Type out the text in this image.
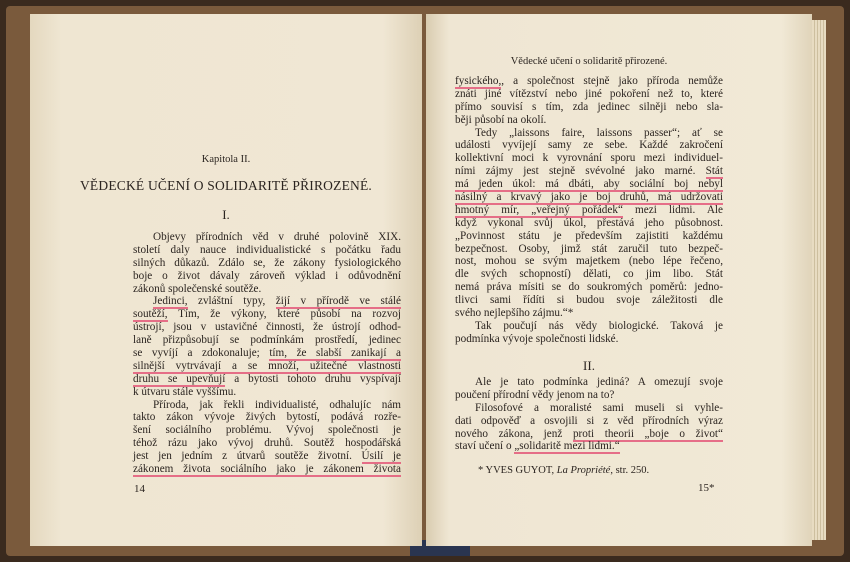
Kapitola II.
VĚDECKÉ UČENÍ O SOLIDARITĚ PŘIROZENÉ.
I.
Objevy přírodních věd v druhé polovině XIX.
století daly nauce individualistické s počátku řadu
silných důkazů. Zdálo se, že zákony fysiologického
boje o život dávaly zároveň výklad i odůvodnění
zákonů společenské soutěže.
Jedinci, zvláštní typy, žijí v přírodě ve stálé
soutěží, Tím, že výkony, které působí na rozvoj
ústrojí, jsou v ustavičné činnosti, že ústrojí odhod-
laně přizpůsobují se podmínkám prostředí, jedinec
se vyvíjí a zdokonaluje; tím, že slabší zanikají a
silnější vytrvávají a se množí, užitečné vlastnosti
druhu se upevňují a bytosti tohoto druhu vyspívají
k útvaru stále vyššímu.
Příroda, jak řekli individualisté, odhalujíc nám
takto zákon vývoje živých bytostí, podává rozře-
šení sociálního problému. Vývoj společnosti je
téhož rázu jako vývoj druhů. Soutěž hospodářská
jest jen jedním z útvarů soutěže životní. Úsilí je
zákonem života sociálního jako je zákonem života
14
Vědecké učení o solidaritě přirozené.
fysického,, a společnost stejně jako příroda nemůže
znáti jiné vítězství nebo jiné pokoření než to, které
přímo souvisí s tím, zda jedinec silněji nebo sla-
běji působí na okolí.
Tedy „laissons faire, laissons passer“; ať se
události vyvíjejí samy ze sebe. Každé zakročení
kollektivní moci k vyrovnání sporu mezi individuel-
ními zájmy jest stejně svévolné jako marné. Stát
má jeden úkol: má dbáti, aby sociální boj nebyl
násilný a krvavý jako je boj druhů, má udržovati
hmotný mír, „veřejný pořádek“ mezi lidmi. Ale
když vykonal svůj úkol, přestává jeho působnost.
„Povinnost státu je především zajistiti každému
bezpečnost. Osoby, jimž stát zaručil tuto bezpeč-
nost, mohou se svým majetkem (nebo lépe řečeno,
dle svých schopností) dělati, co jim libo. Stát
nemá práva mísiti se do soukromých poměrů: jedno-
tlivci sami řídíti si budou svoje záležitosti dle
svého nejlepšího zájmu.“*
Tak poučují nás vědy biologické. Taková je
podmínka vývoje společnosti lidské.
II.
Ale je tato podmínka jediná? A omezují svoje
poučení přírodní vědy jenom na to?
Filosofové a moralisté sami museli si vyhle-
dati odpověď a osvojili si z věd přírodních výraz
nového zákona, jenž proti theorii „boje o život“
staví učení o „solidaritě mezi lidmi.“
* YVES GUYOT, La Propriété, str. 250.
15*
